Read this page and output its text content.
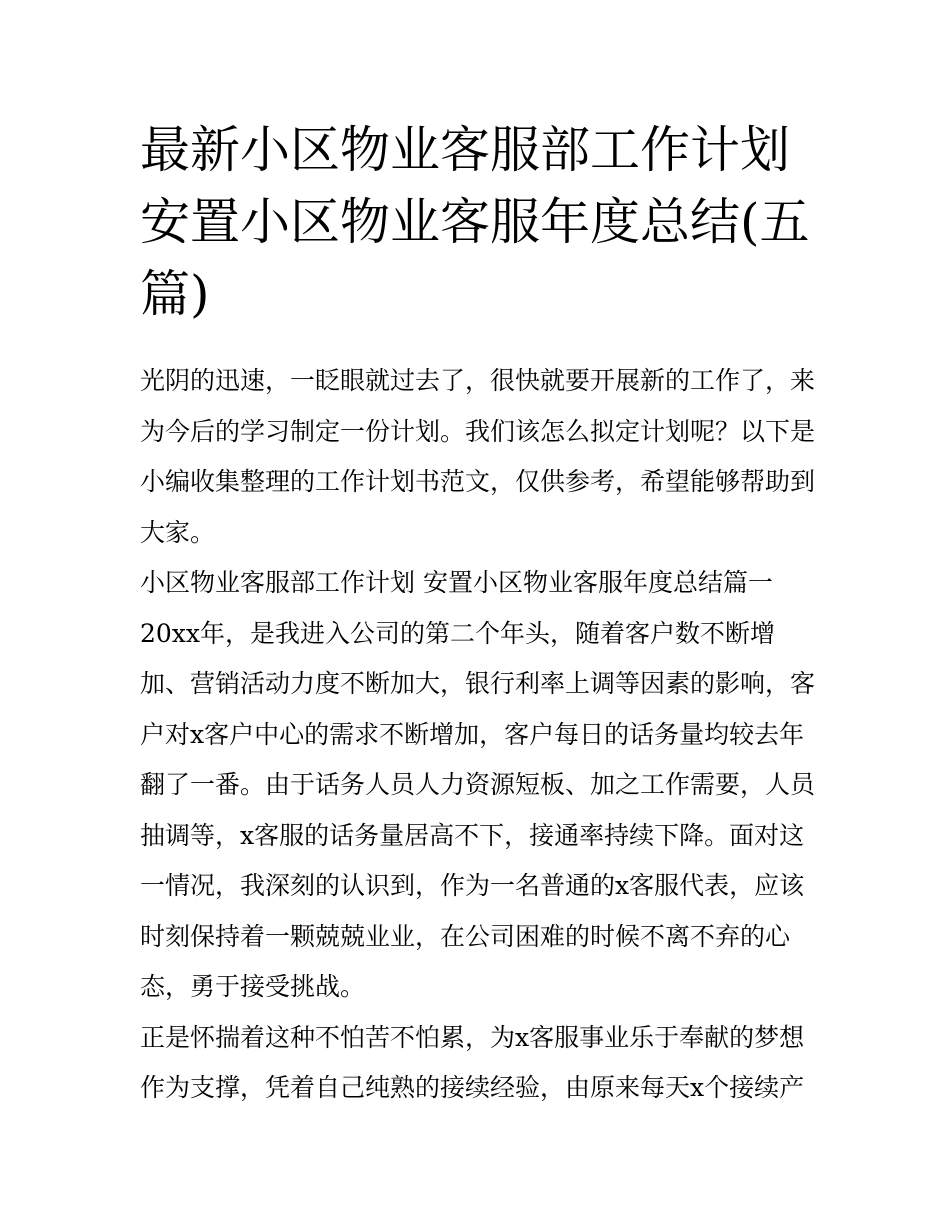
最新小区物业客服部工作计划
安置小区物业客服年度总结(五
篇)
光阴的迅速，一眨眼就过去了，很快就要开展新的工作了，来
为今后的学习制定一份计划。我们该怎么拟定计划呢？以下是
小编收集整理的工作计划书范文，仅供参考，希望能够帮助到
大家。
小区物业客服部工作计划 安置小区物业客服年度总结篇一
20xx年，是我进入公司的第二个年头，随着客户数不断增
加、营销活动力度不断加大，银行利率上调等因素的影响，客
户对x客户中心的需求不断增加，客户每日的话务量均较去年
翻了一番。由于话务人员人力资源短板、加之工作需要，人员
抽调等，x客服的话务量居高不下，接通率持续下降。面对这
一情况，我深刻的认识到，作为一名普通的x客服代表，应该
时刻保持着一颗兢兢业业，在公司困难的时候不离不弃的心
态，勇于接受挑战。
正是怀揣着这种不怕苦不怕累，为x客服事业乐于奉献的梦想
作为支撑，凭着自己纯熟的接续经验，由原来每天x个接续产
